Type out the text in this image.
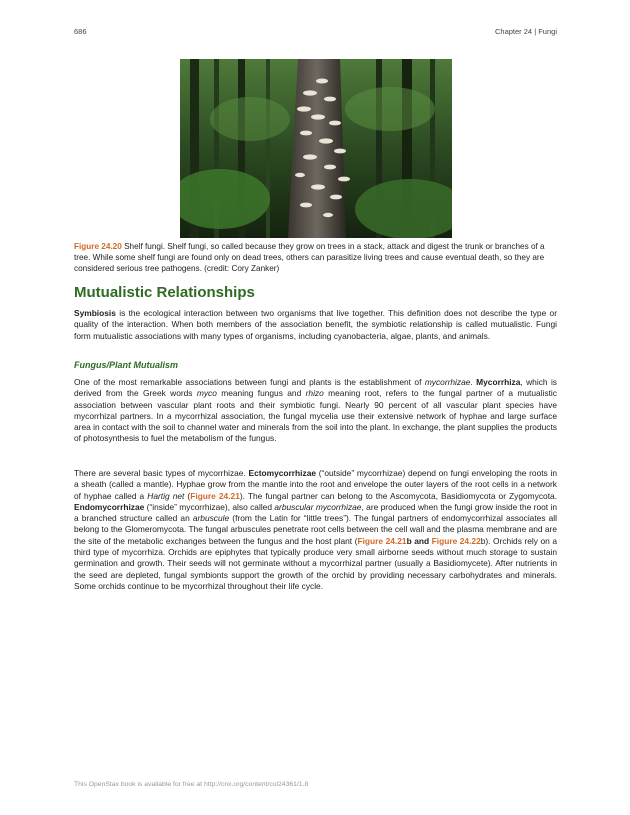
686	Chapter 24 | Fungi

Figure 24.20 Shelf fungi. Shelf fungi, so called because they grow on trees in a stack, attack and digest the trunk or branches of a tree. While some shelf fungi are found only on dead trees, others can parasitize living trees and cause eventual death, so they are considered serious tree pathogens. (credit: Cory Zanker)

Mutualistic Relationships

Symbiosis is the ecological interaction between two organisms that live together. This definition does not describe the type or quality of the interaction. When both members of the association benefit, the symbiotic relationship is called mutualistic. Fungi form mutualistic associations with many types of organisms, including cyanobacteria, algae, plants, and animals.

Fungus/Plant Mutualism

One of the most remarkable associations between fungi and plants is the establishment of mycorrhizae. Mycorrhiza, which is derived from the Greek words myco meaning fungus and rhizo meaning root, refers to the fungal partner of a mutualistic association between vascular plant roots and their symbiotic fungi. Nearly 90 percent of all vascular plant species have mycorrhizal partners. In a mycorrhizal association, the fungal mycelia use their extensive network of hyphae and large surface area in contact with the soil to channel water and minerals from the soil into the plant. In exchange, the plant supplies the products of photosynthesis to fuel the metabolism of the fungus.

There are several basic types of mycorrhizae. Ectomycorrhizae (“outside” mycorrhizae) depend on fungi enveloping the roots in a sheath (called a mantle). Hyphae grow from the mantle into the root and envelope the outer layers of the root cells in a network of hyphae called a Hartig net (Figure 24.21). The fungal partner can belong to the Ascomycota, Basidiomycota or Zygomycota. Endomycorrhizae (“inside” mycorrhizae), also called arbuscular mycorrhizae, are produced when the fungi grow inside the root in a branched structure called an arbuscule (from the Latin for “little trees”). The fungal partners of endomycorrhizal associates all belong to the Glomeromycota. The fungal arbuscules penetrate root cells between the cell wall and the plasma membrane and are the site of the metabolic exchanges between the fungus and the host plant (Figure 24.21b and Figure 24.22b). Orchids rely on a third type of mycorrhiza. Orchids are epiphytes that typically produce very small airborne seeds without much storage to sustain germination and growth. Their seeds will not germinate without a mycorrhizal partner (usually a Basidiomycete). After nutrients in the seed are depleted, fungal symbionts support the growth of the orchid by providing necessary carbohydrates and minerals. Some orchids continue to be mycorrhizal throughout their life cycle.

This OpenStax book is available for free at http://cnx.org/content/col24361/1.8
